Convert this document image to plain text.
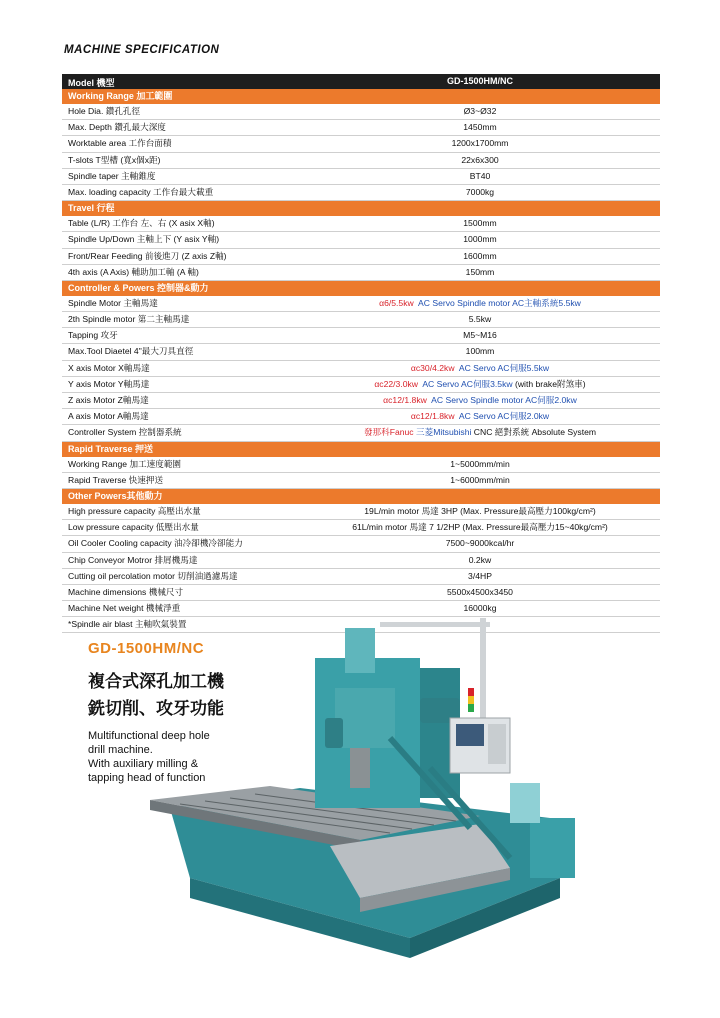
MACHINE SPECIFICATION
Model 機型	GD-1500HM/NC
Working Range 加工範圍
Hole Dia. 鑽孔孔徑	Ø3~Ø32
Max. Depth 鑽孔最大深度	1450mm
Worktable area 工作台面積	1200x1700mm
T-slots T型槽 (寬x個x距)	22x6x300
Spindle taper 主軸錐度	BT40
Max. loading capacity 工作台最大載重	7000kg
Travel 行程
Table (L/R) 工作台 左、右 (X asix X軸)	1500mm
Spindle Up/Down 主軸上下 (Y asix Y軸)	1000mm
Front/Rear Feeding 前後進刀 (Z axis Z軸)	1600mm
4th axis (A Axis) 輔助加工軸 (A 軸)	150mm
Controller & Powers 控制器&動力
Spindle Motor 主軸馬達	α6/5.5kw AC Servo Spindle motor AC主軸系統5.5kw
2th Spindle motor 第二主軸馬達	5.5kw
Tapping 攻牙	M5~M16
Max.Tool Diaetel 4"最大刀具直徑	100mm
X axis Motor X軸馬達	αc30/4.2kw AC Servo AC伺服5.5kw
Y axis Motor Y軸馬達	αc22/3.0kw AC Servo AC伺服3.5kw (with brake附煞車)
Z axis Motor Z軸馬達	αc12/1.8kw AC Servo Spindle motor AC伺服2.0kw
A axis Motor A軸馬達	αc12/1.8kw AC Servo AC伺服2.0kw
Controller System 控制器系統	發那科Fanuc 三菱Mitsubishi CNC 絕對系統 Absolute System
Rapid Traverse 押送
Working Range 加工速度範圍	1~5000mm/min
Rapid Traverse 快速押送	1~6000mm/min
Other Powers其他動力
High pressure capacity 高壓出水量	19L/min motor 馬達 3HP (Max. Pressure最高壓力100kg/cm²)
Low pressure capacity 低壓出水量	61L/min motor 馬達 7 1/2HP (Max. Pressure最高壓力15~40kg/cm²)
Oil Cooler Cooling capacity 油冷卻機冷卻能力	7500~9000kcal/hr
Chip Conveyor Motror 排屑機馬達	0.2kw
Cutting oil percolation motor 切削油過濾馬達	3/4HP
Machine dimensions 機械尺寸	5500x4500x3450
Machine Net weight 機械淨重	16000kg
*Spindle air blast 主軸吹氣裝置
GD-1500HM/NC
複合式深孔加工機
銑切削、攻牙功能
Multifunctional deep hole
drill machine.
With auxiliary milling &
tapping head of function
